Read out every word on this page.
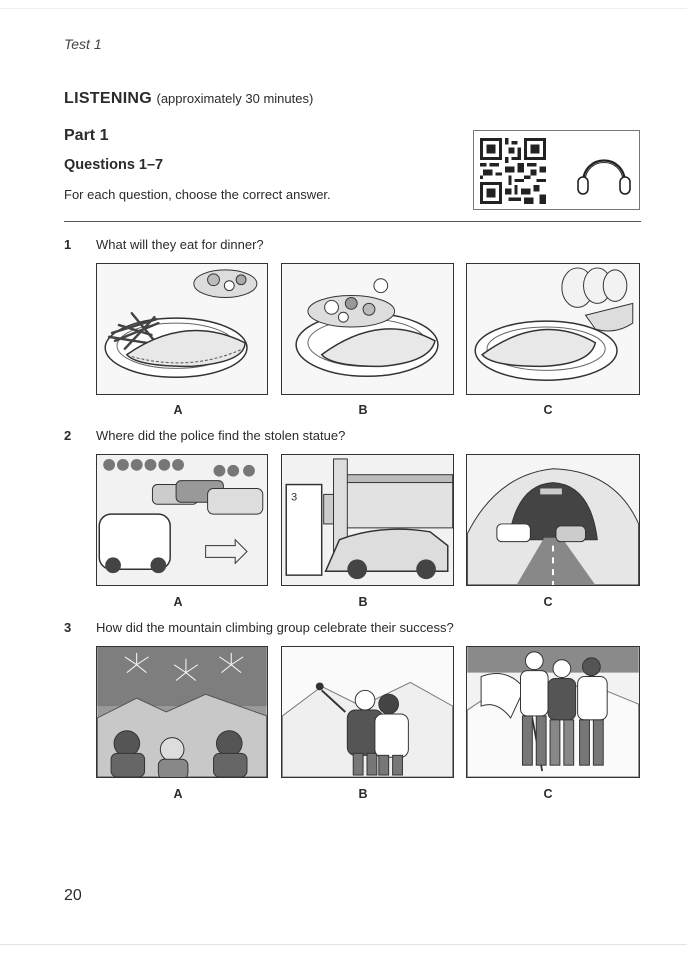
Test 1
LISTENING (approximately 30 minutes)
Part 1
Questions 1–7
For each question, choose the correct answer.
1 What will they eat for dinner?
A	B	C
2 Where did the police find the stolen statue?
3
A	B	C
3 How did the mountain climbing group celebrate their success?
A	B	C
20
